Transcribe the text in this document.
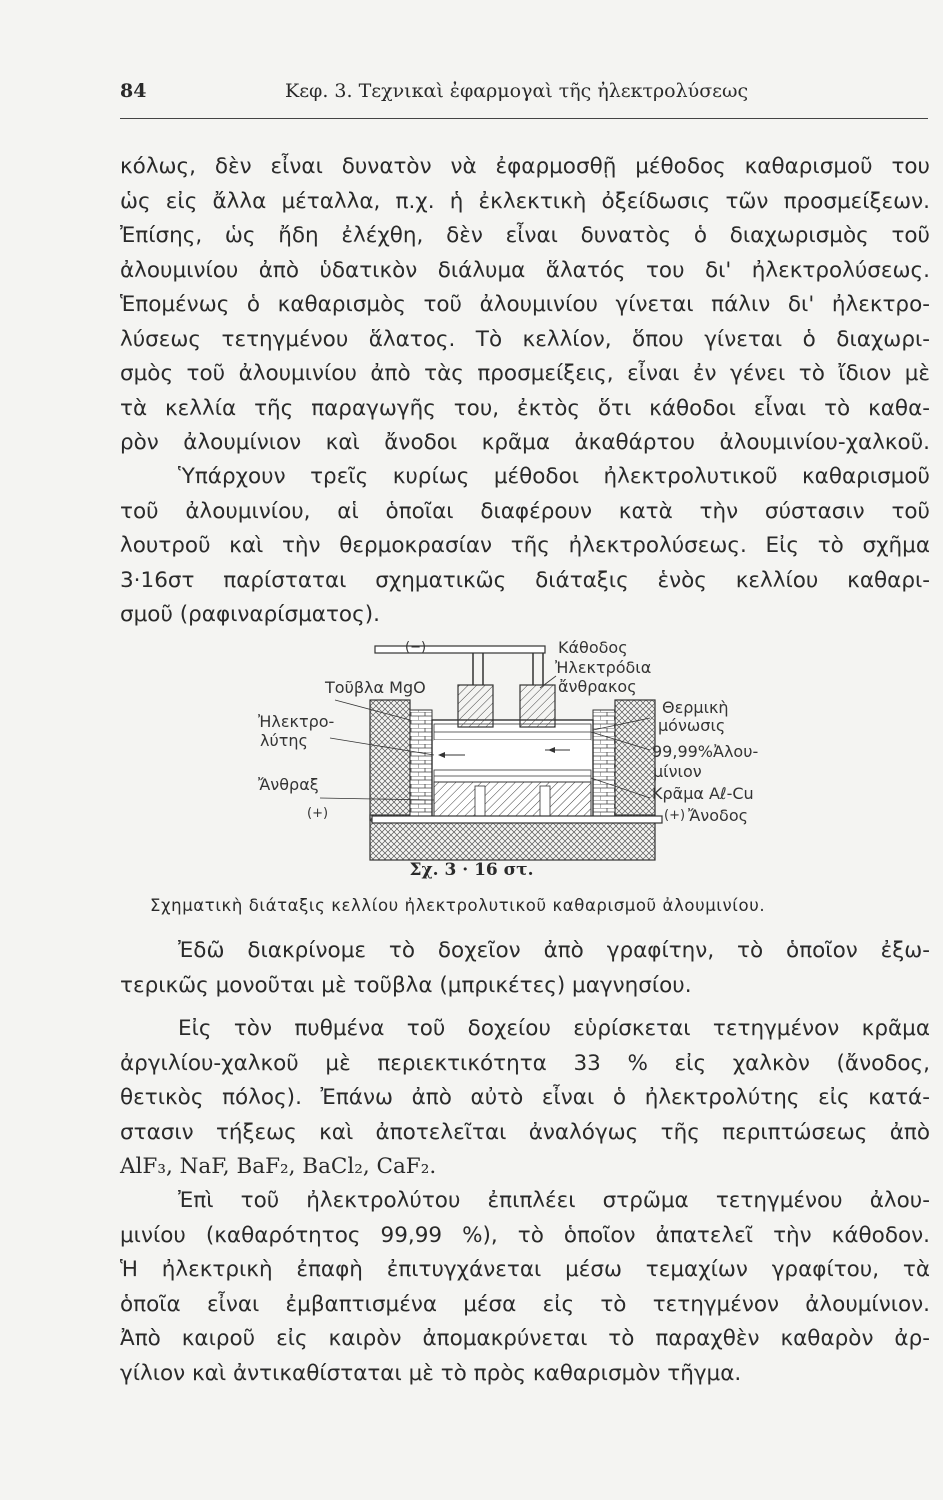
84	Κεφ. 3. Τεχνικαὶ ἐφαρμογαὶ τῆς ἠλεκτρολύσεως
κόλως, δὲν εἶναι δυνατὸν νὰ ἐφαρμοσθῇ μέθοδος καθαρισμοῦ του
ὡς εἰς ἄλλα μέταλλα, π.χ. ἡ ἐκλεκτικὴ ὀξείδωσις τῶν προσμείξεων.
Ἐπίσης, ὡς ἤδη ἐλέχθη, δὲν εἶναι δυνατὸς ὁ διαχωρισμὸς τοῦ
ἀλουμινίου ἀπὸ ὑδατικὸν διάλυμα ἅλατός του δι' ἠλεκτρολύσεως.
Ἑπομένως ὁ καθαρισμὸς τοῦ ἀλουμινίου γίνεται πάλιν δι' ἠλεκτρο-
λύσεως τετηγμένου ἅλατος. Τὸ κελλίον, ὅπου γίνεται ὁ διαχωρι-
σμὸς τοῦ ἀλουμινίου ἀπὸ τὰς προσμείξεις, εἶναι ἐν γένει τὸ ἴδιον μὲ
τὰ κελλία τῆς παραγωγῆς του, ἐκτὸς ὅτι κάθοδοι εἶναι τὸ καθα-
ρὸν ἀλουμίνιον καὶ ἄνοδοι κρᾶμα ἀκαθάρτου ἀλουμινίου-χαλκοῦ.
Ὑπάρχουν τρεῖς κυρίως μέθοδοι ἠλεκτρολυτικοῦ καθαρισμοῦ
τοῦ ἀλουμινίου, αἱ ὁποῖαι διαφέρουν κατὰ τὴν σύστασιν τοῦ
λουτροῦ καὶ τὴν θερμοκρασίαν τῆς ἠλεκτρολύσεως. Εἰς τὸ σχῆμα
3·16στ παρίσταται σχηματικῶς διάταξις ἑνὸς κελλίου καθαρι-
σμοῦ (ραφιναρίσματος).
(−)	Κάθοδος
Ἠλεκτρόδια
ἄνθρακος
Τοῦβλα MgO
Θερμικὴ
μόνωσις
Ἠλεκτρο-
λύτης
99,99%Ἀλου-
μίνιον
Ἄνθραξ	Κρᾶμα Aℓ-Cu
(+)	(+) Ἄνοδος
Σχ. 3 · 16 στ.
Σχηματικὴ διάταξις κελλίου ἠλεκτρολυτικοῦ καθαρισμοῦ ἀλουμινίου.
Ἐδῶ διακρίνομε τὸ δοχεῖον ἀπὸ γραφίτην, τὸ ὁποῖον ἐξω-
τερικῶς μονοῦται μὲ τοῦβλα (μπρικέτες) μαγνησίου.
Εἰς τὸν πυθμένα τοῦ δοχείου εὑρίσκεται τετηγμένον κρᾶμα
ἀργιλίου-χαλκοῦ μὲ περιεκτικότητα 33 % εἰς χαλκὸν (ἄνοδος,
θετικὸς πόλος). Ἐπάνω ἀπὸ αὐτὸ εἶναι ὁ ἠλεκτρολύτης εἰς κατά-
στασιν τήξεως καὶ ἀποτελεῖται ἀναλόγως τῆς περιπτώσεως ἀπὸ
AlF₃, NaF, BaF₂, BaCl₂, CaF₂.
Ἐπὶ τοῦ ἠλεκτρολύτου ἐπιπλέει στρῶμα τετηγμένου ἀλου-
μινίου (καθαρότητος 99,99 %), τὸ ὁποῖον ἀπατελεῖ τὴν κάθοδον.
Ἡ ἠλεκτρικὴ ἐπαφὴ ἐπιτυγχάνεται μέσω τεμαχίων γραφίτου, τὰ
ὁποῖα εἶναι ἐμβαπτισμένα μέσα εἰς τὸ τετηγμένον ἀλουμίνιον.
Ἀπὸ καιροῦ εἰς καιρὸν ἀπομακρύνεται τὸ παραχθὲν καθαρὸν ἀρ-
γίλιον καὶ ἀντικαθίσταται μὲ τὸ πρὸς καθαρισμὸν τῆγμα.
